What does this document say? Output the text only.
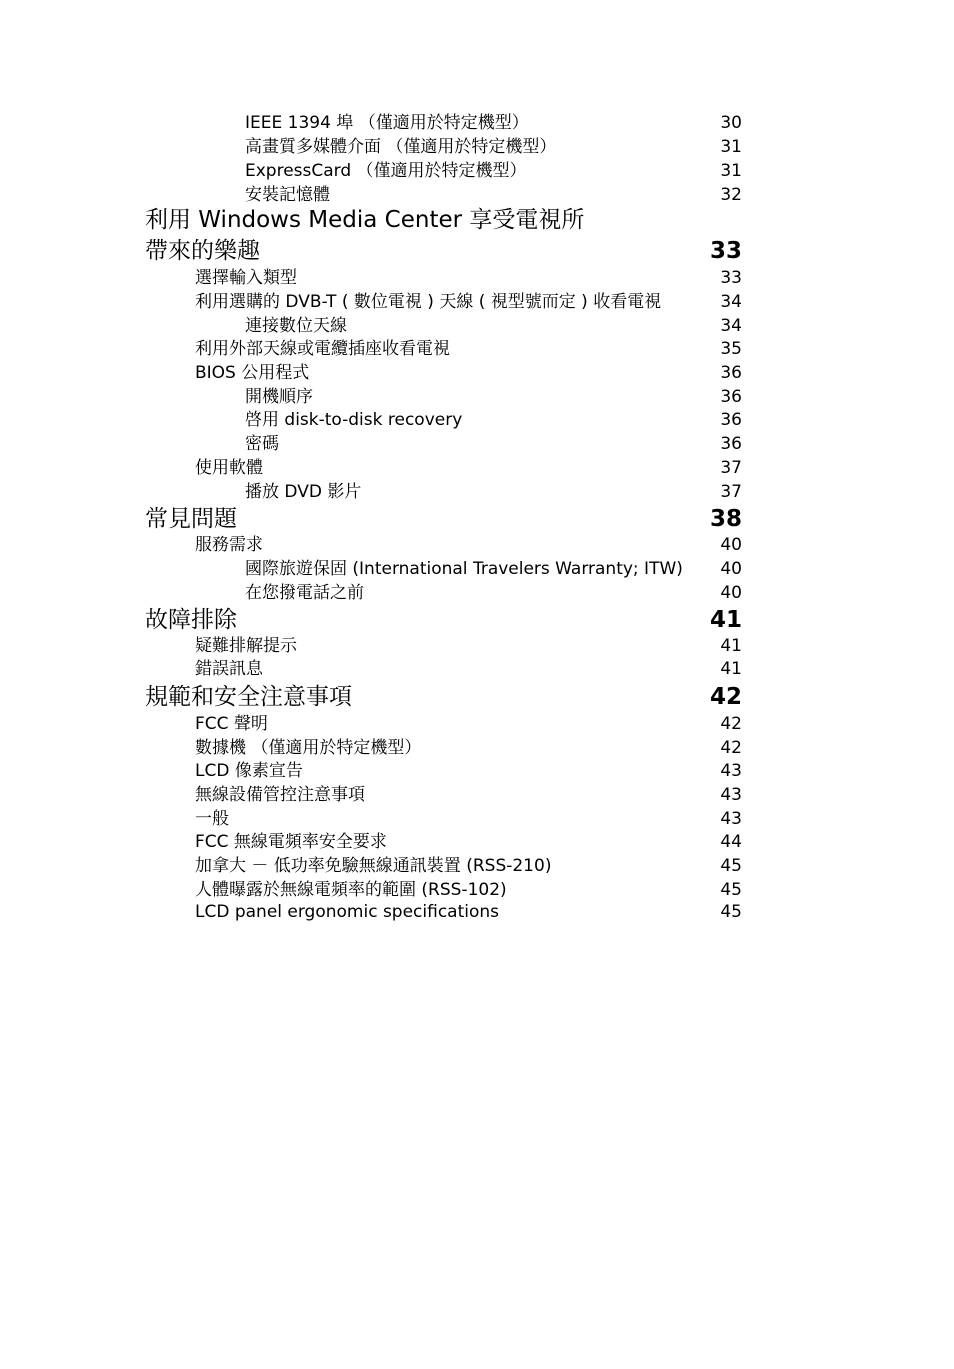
IEEE 1394 埠 （僅適用於特定機型）	30
高畫質多媒體介面 （僅適用於特定機型）	31
ExpressCard （僅適用於特定機型）	31
安裝記憶體	32
利用 Windows Media Center 享受電視所
帶來的樂趣	33
選擇輸入類型	33
利用選購的 DVB-T ( 數位電視 ) 天線 ( 視型號而定 ) 收看電視	34
連接數位天線	34
利用外部天線或電纜插座收看電視	35
BIOS 公用程式	36
開機順序	36
啓用 disk-to-disk recovery	36
密碼	36
使用軟體	37
播放 DVD 影片	37
常見問題	38
服務需求	40
國際旅遊保固 (International Travelers Warranty; ITW) 40
在您撥電話之前	40
故障排除	41
疑難排解提示	41
錯誤訊息	41
規範和安全注意事項	42
FCC 聲明	42
數據機 （僅適用於特定機型）	42
LCD 像素宣告	43
無線設備管控注意事項	43
一般	43
FCC 無線電頻率安全要求	44
加拿大 － 低功率免驗無線通訊裝置 (RSS-210)	45
人體曝露於無線電頻率的範圍 (RSS-102)	45
LCD panel ergonomic specifications	45
